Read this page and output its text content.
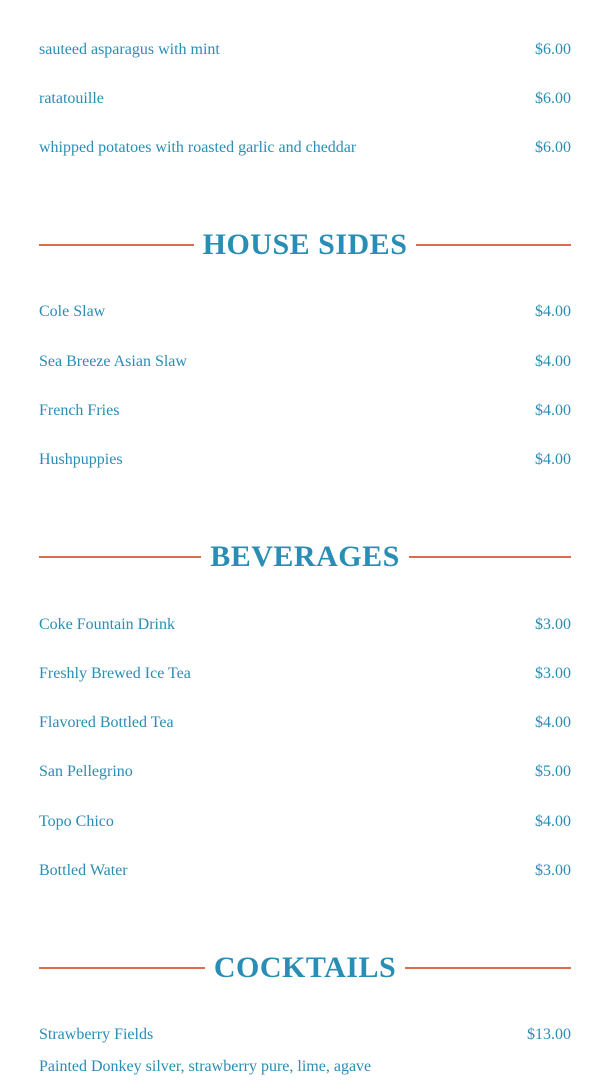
sauteed asparagus with mint	$6.00
ratatouille	$6.00
whipped potatoes with roasted garlic and cheddar	$6.00
HOUSE SIDES
Cole Slaw	$4.00
Sea Breeze Asian Slaw	$4.00
French Fries	$4.00
Hushpuppies	$4.00
BEVERAGES
Coke Fountain Drink	$3.00
Freshly Brewed Ice Tea	$3.00
Flavored Bottled Tea	$4.00
San Pellegrino	$5.00
Topo Chico	$4.00
Bottled Water	$3.00
COCKTAILS
Strawberry Fields	$13.00
Painted Donkey silver, strawberry pure, lime, agave
